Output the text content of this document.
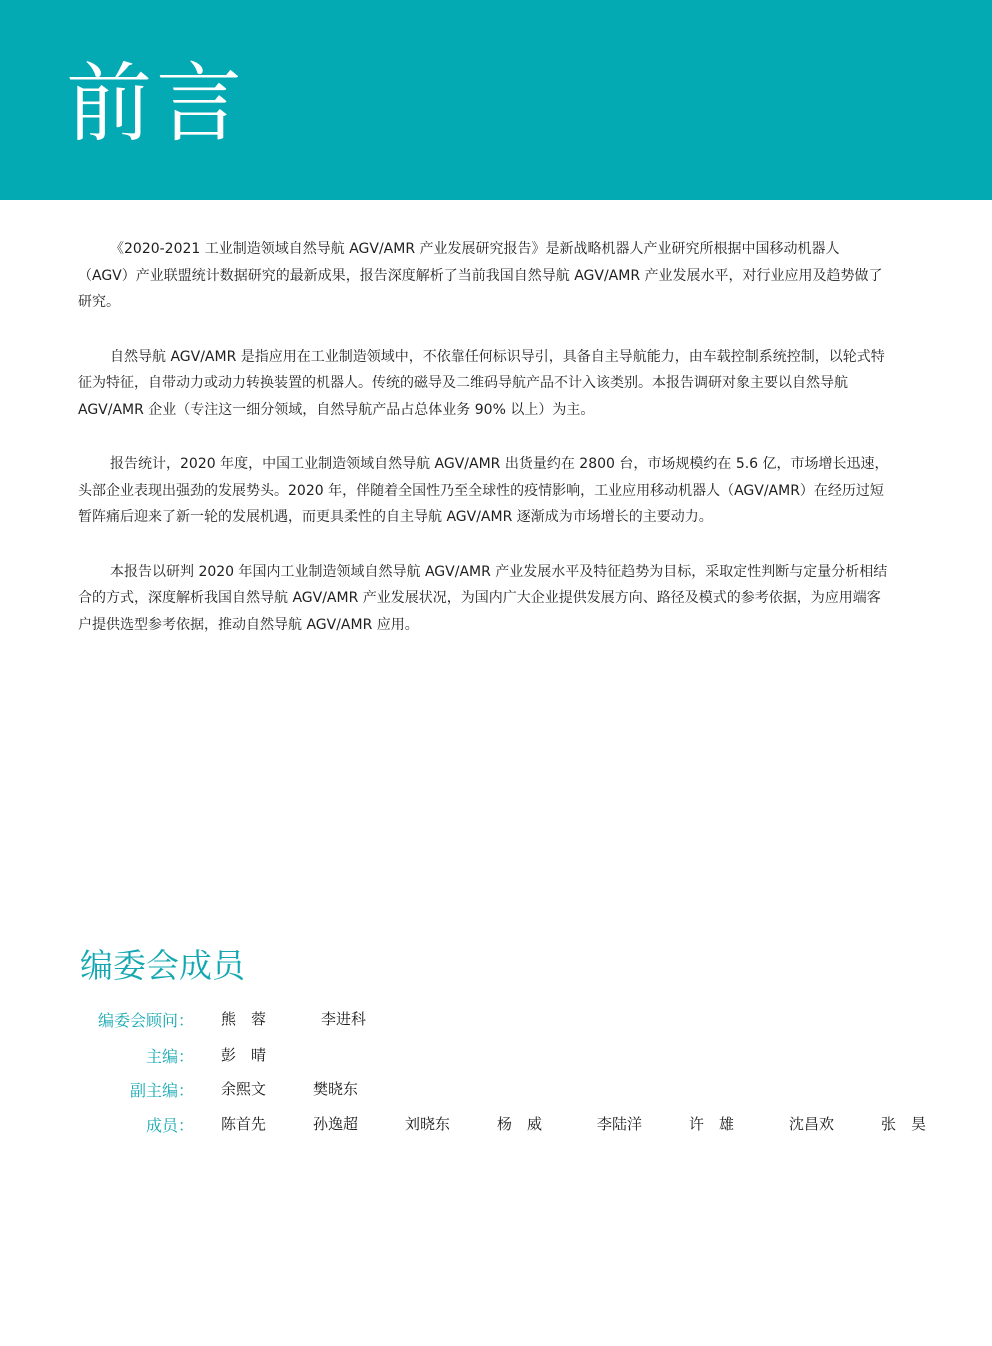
前言

《2020-2021 工业制造领域自然导航 AGV/AMR 产业发展研究报告》是新战略机器人产业研究所根据中国移动机器人（AGV）产业联盟统计数据研究的最新成果，报告深度解析了当前我国自然导航 AGV/AMR 产业发展水平，对行业应用及趋势做了研究。

自然导航 AGV/AMR 是指应用在工业制造领域中，不依靠任何标识导引，具备自主导航能力，由车载控制系统控制，以轮式特征为特征，自带动力或动力转换装置的机器人。传统的磁导及二维码导航产品不计入该类别。本报告调研对象主要以自然导航 AGV/AMR 企业（专注这一细分领域，自然导航产品占总体业务 90% 以上）为主。

报告统计，2020 年度，中国工业制造领域自然导航 AGV/AMR 出货量约在 2800 台，市场规模约在 5.6 亿，市场增长迅速，头部企业表现出强劲的发展势头。2020 年，伴随着全国性乃至全球性的疫情影响，工业应用移动机器人（AGV/AMR）在经历过短暂阵痛后迎来了新一轮的发展机遇，而更具柔性的自主导航 AGV/AMR 逐渐成为市场增长的主要动力。

本报告以研判 2020 年国内工业制造领域自然导航 AGV/AMR 产业发展水平及特征趋势为目标，采取定性判断与定量分析相结合的方式，深度解析我国自然导航 AGV/AMR 产业发展状况，为国内广大企业提供发展方向、路径及模式的参考依据，为应用端客户提供选型参考依据，推动自然导航 AGV/AMR 应用。

编委会成员
编委会顾问： 熊　蓉	李进科
主编： 彭　晴
副主编： 余熙文	樊晓东
成员： 陈首先	孙逸超	刘晓东	杨　威	李陆洋	许　雄	沈昌欢	张　昊
